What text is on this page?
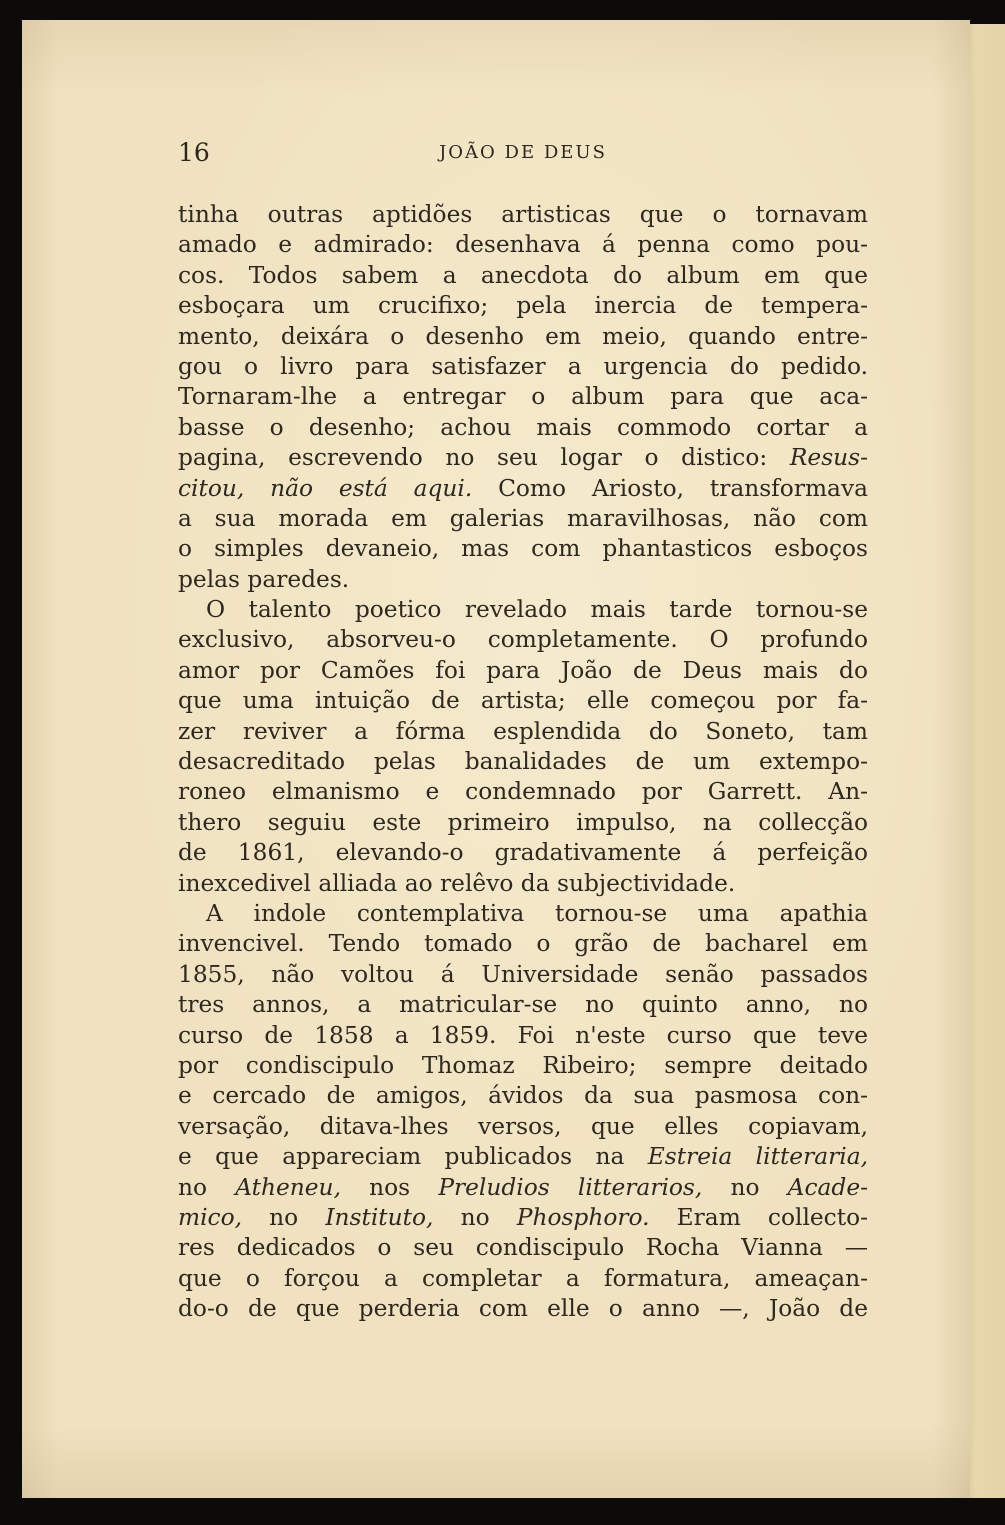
16	JOÃO DE DEUS
tinha outras aptidões artisticas que o tornavam
amado e admirado: desenhava á penna como pou-
cos. Todos sabem a anecdota do album em que
esboçara um crucifixo; pela inercia de tempera-
mento, deixára o desenho em meio, quando entre-
gou o livro para satisfazer a urgencia do pedido.
Tornaram-lhe a entregar o album para que aca-
basse o desenho; achou mais commodo cortar a
pagina, escrevendo no seu logar o distico: Resus-
citou, não está aqui. Como Ariosto, transformava
a sua morada em galerias maravilhosas, não com
o simples devaneio, mas com phantasticos esboços
pelas paredes.
O talento poetico revelado mais tarde tornou-se
exclusivo, absorveu-o completamente. O profundo
amor por Camões foi para João de Deus mais do
que uma intuição de artista; elle começou por fa-
zer reviver a fórma esplendida do Soneto, tam
desacreditado pelas banalidades de um extempo-
roneo elmanismo e condemnado por Garrett. An-
thero seguiu este primeiro impulso, na collecção
de 1861, elevando-o gradativamente á perfeição
inexcedivel alliada ao relêvo da subjectividade.
A indole contemplativa tornou-se uma apathia
invencivel. Tendo tomado o grão de bacharel em
1855, não voltou á Universidade senão passados
tres annos, a matricular-se no quinto anno, no
curso de 1858 a 1859. Foi n'este curso que teve
por condiscipulo Thomaz Ribeiro; sempre deitado
e cercado de amigos, ávidos da sua pasmosa con-
versação, ditava-lhes versos, que elles copiavam,
e que appareciam publicados na Estreia litteraria,
no Atheneu, nos Preludios litterarios, no Acade-
mico, no Instituto, no Phosphoro. Eram collecto-
res dedicados o seu condiscipulo Rocha Vianna —
que o forçou a completar a formatura, ameaçan-
do-o de que perderia com elle o anno —, João de
